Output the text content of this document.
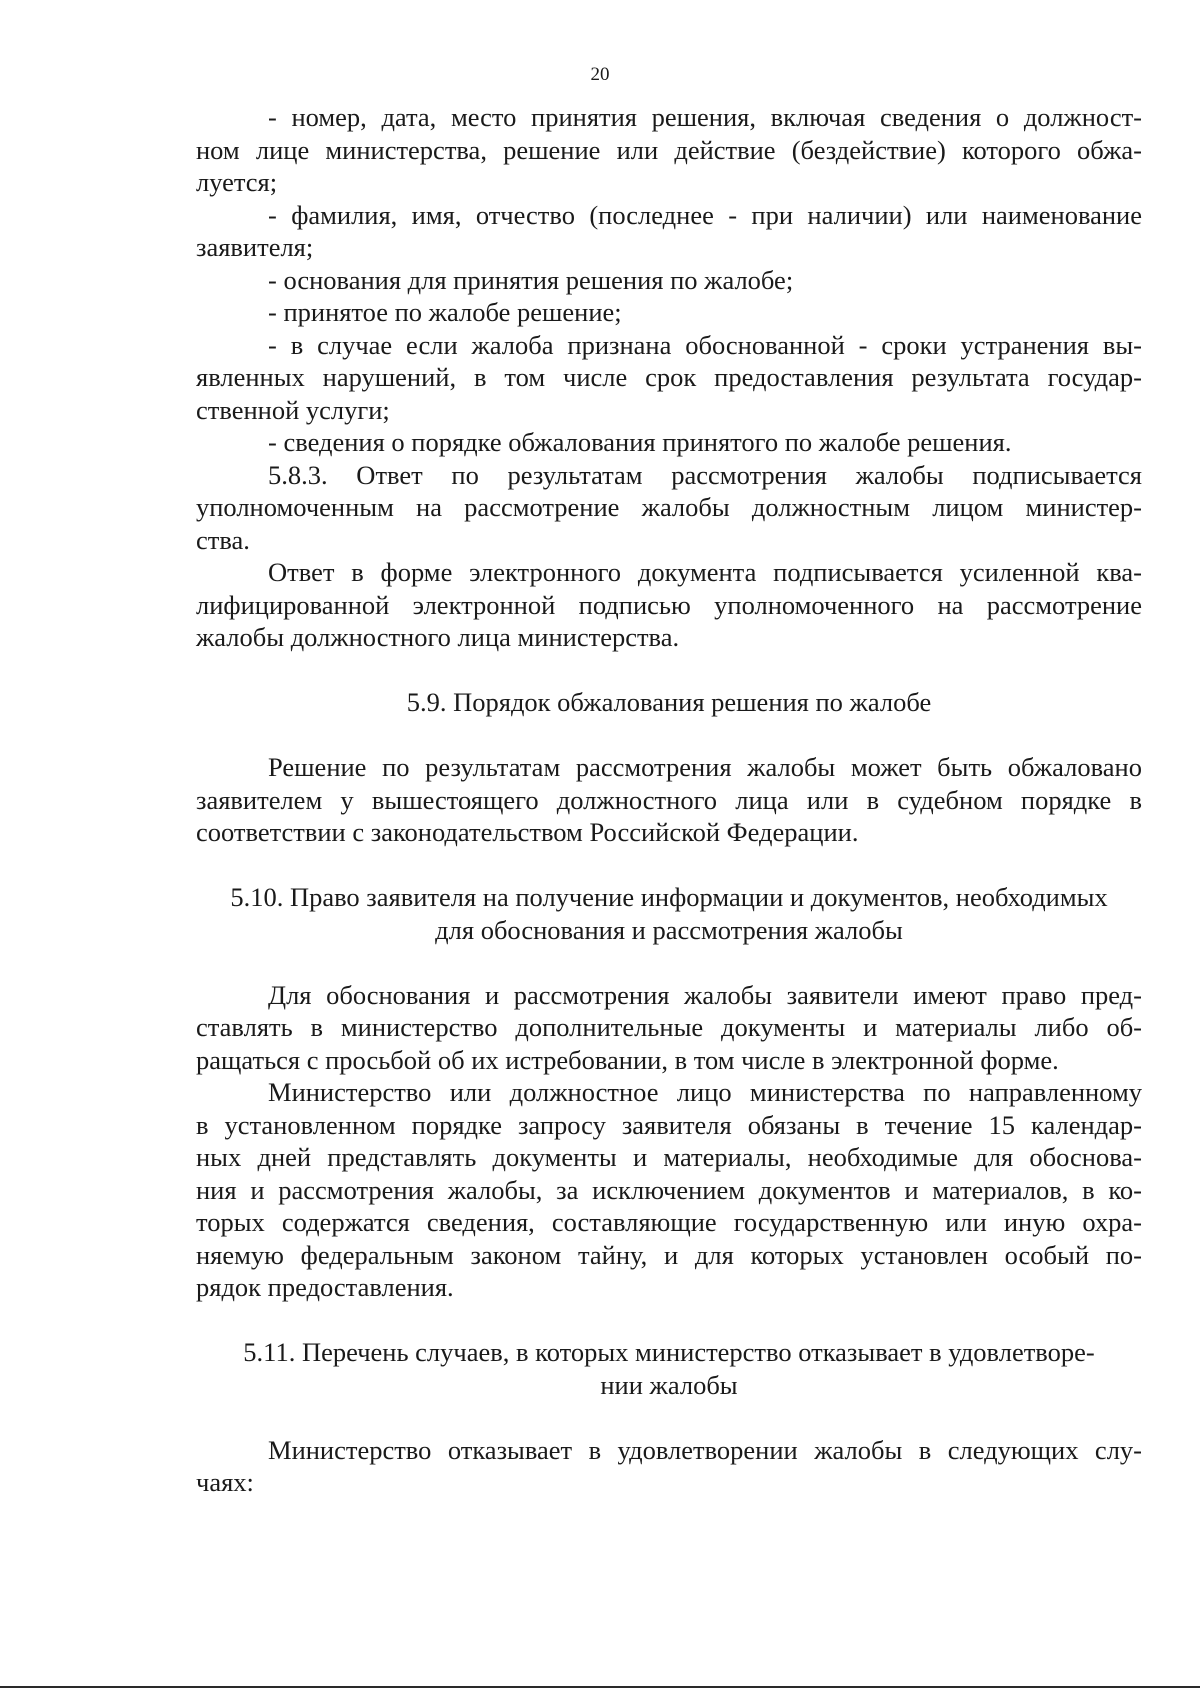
20
- номер, дата, место принятия решения, включая сведения о должност-
ном лице министерства, решение или действие (бездействие) которого обжа-
луется;
- фамилия, имя, отчество (последнее - при наличии) или наименование
заявителя;
- основания для принятия решения по жалобе;
- принятое по жалобе решение;
- в случае если жалоба признана обоснованной - сроки устранения вы-
явленных нарушений, в том числе срок предоставления результата государ-
ственной услуги;
- сведения о порядке обжалования принятого по жалобе решения.
5.8.3. Ответ по результатам рассмотрения жалобы подписывается
уполномоченным на рассмотрение жалобы должностным лицом министер-
ства.
Ответ в форме электронного документа подписывается усиленной ква-
лифицированной электронной подписью уполномоченного на рассмотрение
жалобы должностного лица министерства.
5.9. Порядок обжалования решения по жалобе
Решение по результатам рассмотрения жалобы может быть обжаловано
заявителем у вышестоящего должностного лица или в судебном порядке в
соответствии с законодательством Российской Федерации.
5.10. Право заявителя на получение информации и документов, необходимых
для обоснования и рассмотрения жалобы
Для обоснования и рассмотрения жалобы заявители имеют право пред-
ставлять в министерство дополнительные документы и материалы либо об-
ращаться с просьбой об их истребовании, в том числе в электронной форме.
Министерство или должностное лицо министерства по направленному
в установленном порядке запросу заявителя обязаны в течение 15 календар-
ных дней представлять документы и материалы, необходимые для обоснова-
ния и рассмотрения жалобы, за исключением документов и материалов, в ко-
торых содержатся сведения, составляющие государственную или иную охра-
няемую федеральным законом тайну, и для которых установлен особый по-
рядок предоставления.
5.11. Перечень случаев, в которых министерство отказывает в удовлетворе-
нии жалобы
Министерство отказывает в удовлетворении жалобы в следующих слу-
чаях:
